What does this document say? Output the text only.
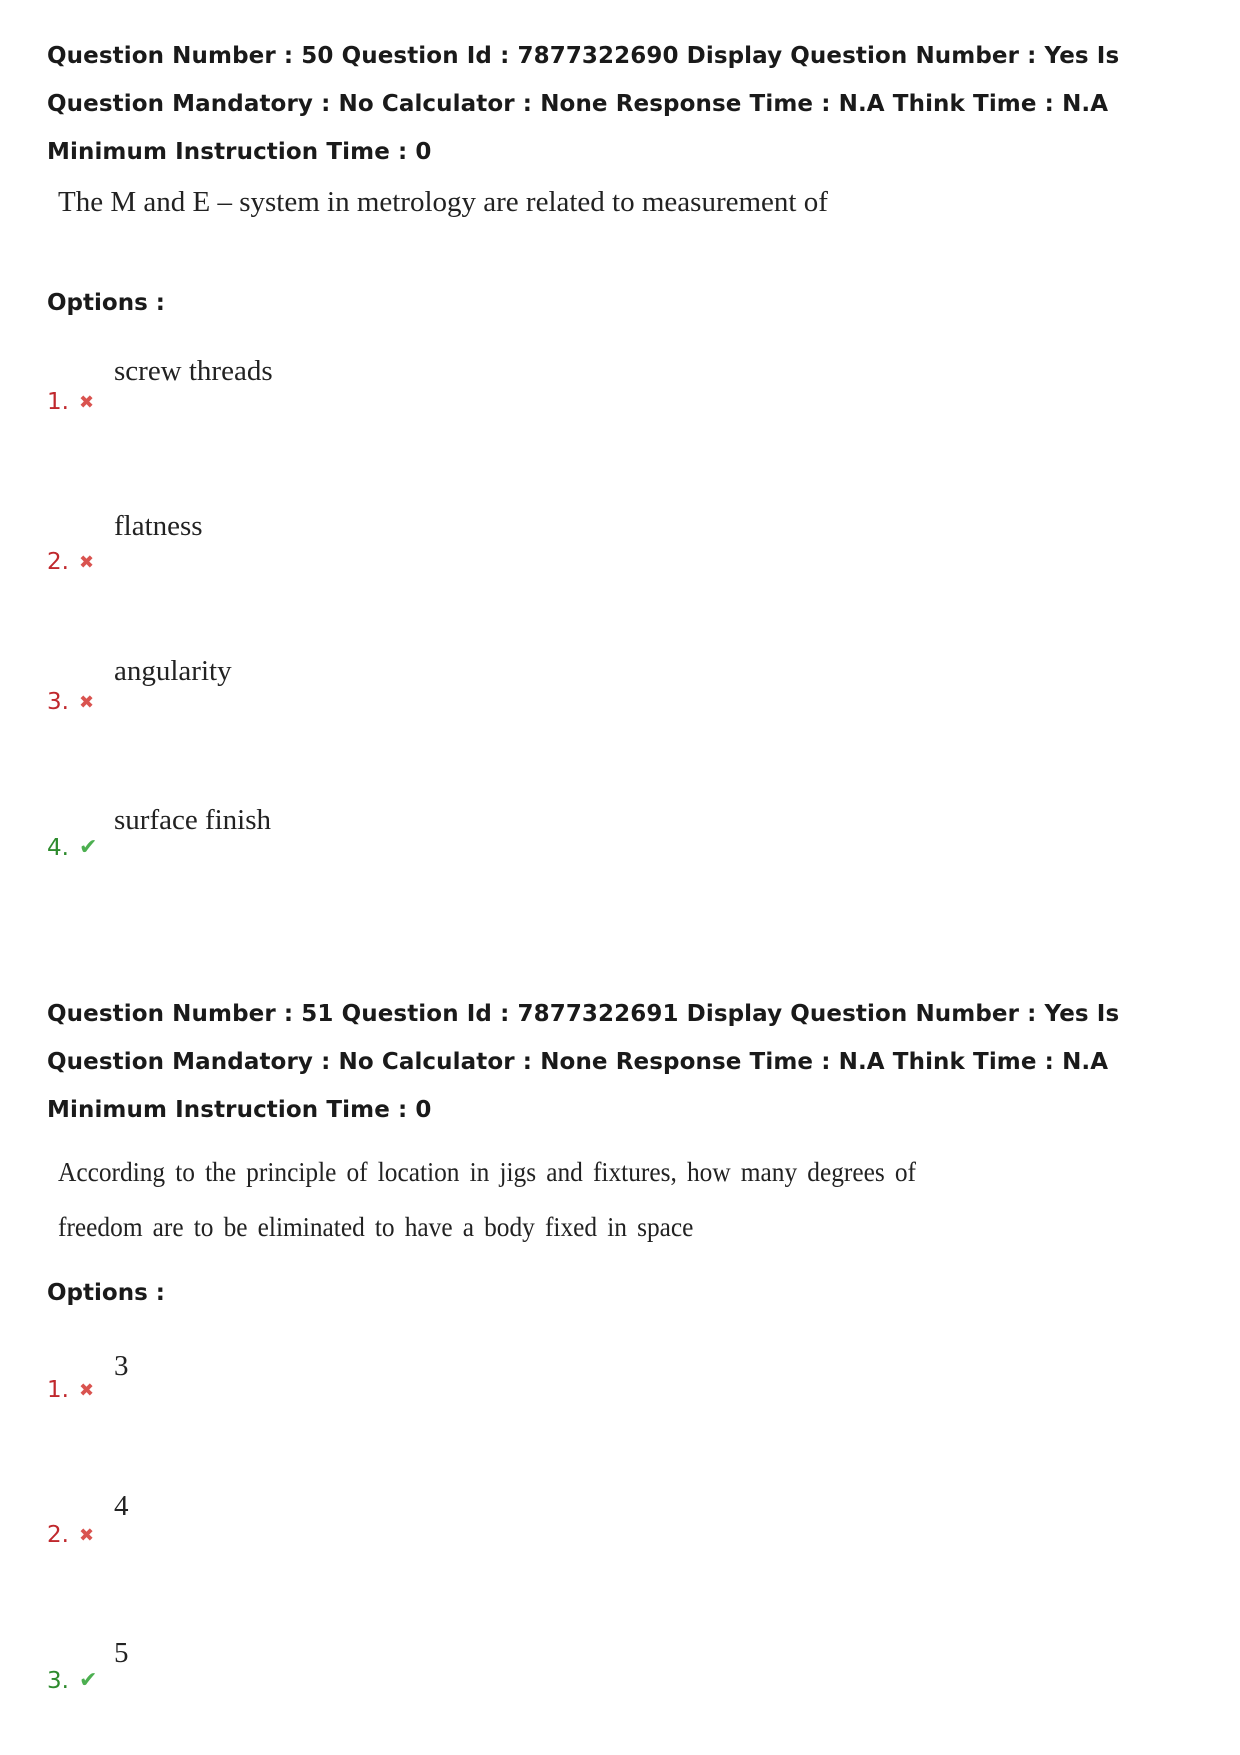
Question Number : 50 Question Id : 7877322690 Display Question Number : Yes Is Question Mandatory : No Calculator : None Response Time : N.A Think Time : N.A Minimum Instruction Time : 0
The M and E – system in metrology are related to measurement of
Options :
screw threads
1. ✖
flatness
2. ✖
angularity
3. ✖
surface finish
4. ✔
Question Number : 51 Question Id : 7877322691 Display Question Number : Yes Is Question Mandatory : No Calculator : None Response Time : N.A Think Time : N.A Minimum Instruction Time : 0
According to the principle of location in jigs and fixtures, how many degrees of
freedom are to be eliminated to have a body fixed in space
Options :
3
1. ✖
4
2. ✖
5
3. ✔
